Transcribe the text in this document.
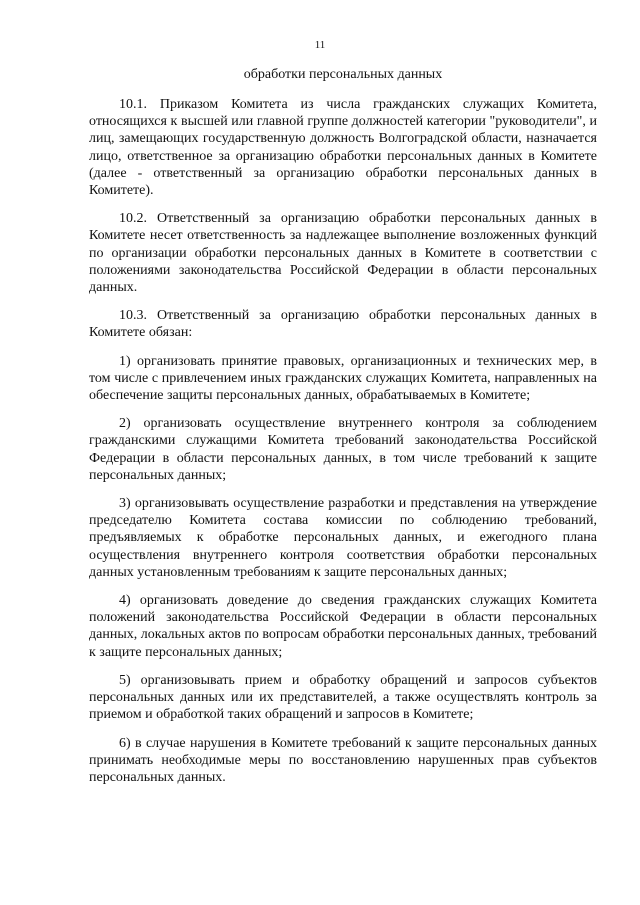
11

обработки персональных данных

10.1. Приказом Комитета из числа гражданских служащих Комитета, относящихся к высшей или главной группе должностей категории "руководители", и лиц, замещающих государственную должность Волгоградской области, назначается лицо, ответственное за организацию обработки персональных данных в Комитете (далее - ответственный за организацию обработки персональных данных в Комитете).

10.2. Ответственный за организацию обработки персональных данных в Комитете несет ответственность за надлежащее выполнение возложенных функций по организации обработки персональных данных в Комитете в соответствии с положениями законодательства Российской Федерации в области персональных данных.

10.3. Ответственный за организацию обработки персональных данных в Комитете обязан:

1) организовать принятие правовых, организационных и технических мер, в том числе с привлечением иных гражданских служащих Комитета, направленных на обеспечение защиты персональных данных, обрабатываемых в Комитете;

2) организовать осуществление внутреннего контроля за соблюдением гражданскими служащими Комитета требований законодательства Российской Федерации в области персональных данных, в том числе требований к защите персональных данных;

3) организовывать осуществление разработки и представления на утверждение председателю Комитета состава комиссии по соблюдению требований, предъявляемых к обработке персональных данных, и ежегодного плана осуществления внутреннего контроля соответствия обработки персональных данных установленным требованиям к защите персональных данных;

4) организовать доведение до сведения гражданских служащих Комитета положений законодательства Российской Федерации в области персональных данных, локальных актов по вопросам обработки персональных данных, требований к защите персональных данных;

5) организовывать прием и обработку обращений и запросов субъектов персональных данных или их представителей, а также осуществлять контроль за приемом и обработкой таких обращений и запросов в Комитете;

6) в случае нарушения в Комитете требований к защите персональных данных принимать необходимые меры по восстановлению нарушенных прав субъектов персональных данных.
